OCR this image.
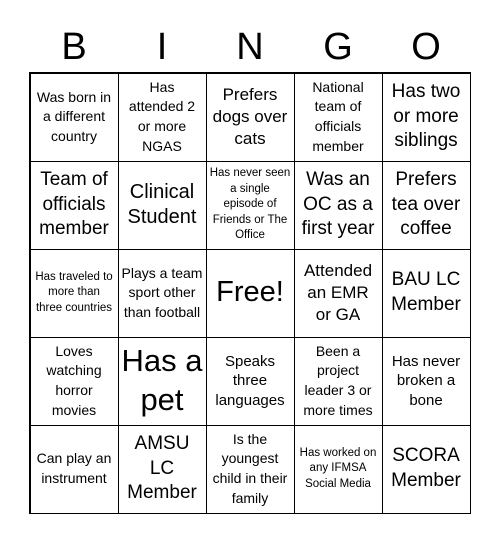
B	I	N	G	O
Was born in a different country
Has attended 2 or more NGAS
Prefers dogs over cats
National team of officials member
Has two or more siblings
Team of officials member
Clinical Student
Has never seen a single episode of Friends or The Office
Was an OC as a first year
Prefers tea over coffee
Has traveled to more than three countries
Plays a team sport other than football
Free!
Attended an EMR or GA
BAU LC Member
Loves watching horror movies
Has a pet
Speaks three languages
Been a project leader 3 or more times
Has never broken a bone
Can play an instrument
AMSU LC Member
Is the youngest child in their family
Has worked on any IFMSA Social Media
SCORA Member
